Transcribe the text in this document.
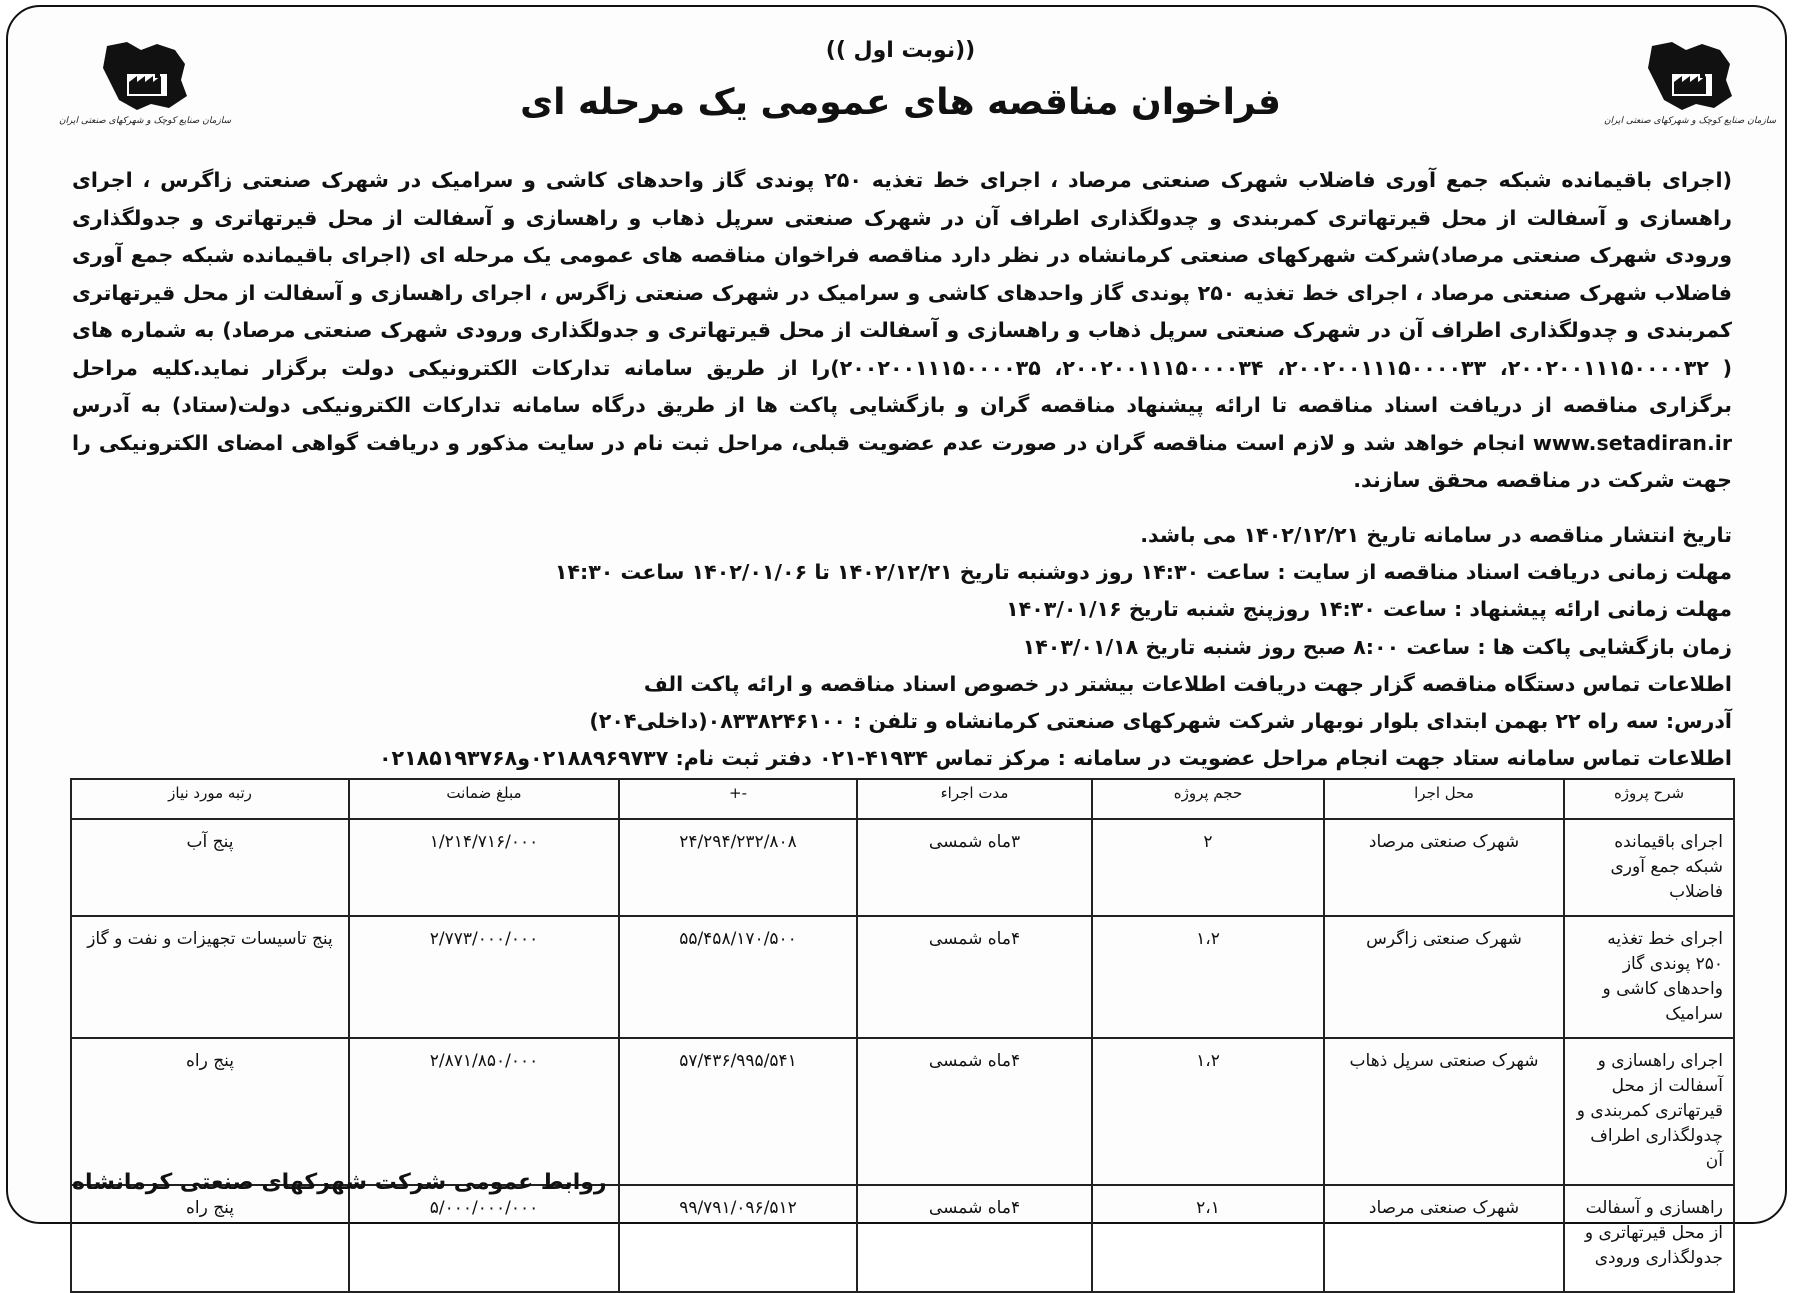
سازمان صنایع کوچک و شهرکهای صنعتی ایران	سازمان صنایع کوچک و شهرکهای صنعتی ایران
((نوبت اول ))
فراخوان مناقصه های عمومی یک مرحله ای
(اجرای باقیمانده شبکه جمع آوری فاضلاب شهرک صنعتی مرصاد ، اجرای خط تغذیه ۲۵۰ پوندی گاز واحدهای کاشی و سرامیک در شهرک صنعتی زاگرس ، اجرای راهسازی و آسفالت از محل قیرتهاتری کمربندی و چدولگذاری اطراف آن در شهرک صنعتی سرپل ذهاب و راهسازی و آسفالت از محل قیرتهاتری و جدولگذاری ورودی شهرک صنعتی مرصاد)شرکت شهرکهای صنعتی کرمانشاه در نظر دارد مناقصه فراخوان مناقصه های عمومی یک مرحله ای (اجرای باقیمانده شبکه جمع آوری فاضلاب شهرک صنعتی مرصاد ، اجرای خط تغذیه ۲۵۰ پوندی گاز واحدهای کاشی و سرامیک در شهرک صنعتی زاگرس ، اجرای راهسازی و آسفالت از محل قیرتهاتری کمربندی و چدولگذاری اطراف آن در شهرک صنعتی سرپل ذهاب و راهسازی و آسفالت از محل قیرتهاتری و جدولگذاری ورودی شهرک صنعتی مرصاد) به شماره های ( ۲۰۰۲۰۰۱۱۱۵۰۰۰۰۳۲، ۲۰۰۲۰۰۱۱۱۵۰۰۰۰۳۳، ۲۰۰۲۰۰۱۱۱۵۰۰۰۰۳۴، ۲۰۰۲۰۰۱۱۱۵۰۰۰۰۳۵)را از طریق سامانه تدارکات الکترونیکی دولت برگزار نماید.کلیه مراحل برگزاری مناقصه از دریافت اسناد مناقصه تا ارائه پیشنهاد مناقصه گران و بازگشایی پاکت ها از طریق درگاه سامانه تدارکات الکترونیکی دولت(ستاد) به آدرس www.setadiran.ir انجام خواهد شد و لازم است مناقصه گران در صورت عدم عضویت قبلی، مراحل ثبت نام در سایت مذکور و دریافت گواهی امضای الکترونیکی را جهت شرکت در مناقصه محقق سازند.
تاریخ انتشار مناقصه در سامانه تاریخ ۱۴۰۲/۱۲/۲۱ می باشد.
مهلت زمانی دریافت اسناد مناقصه از سایت : ساعت ۱۴:۳۰ روز دوشنبه تاریخ ۱۴۰۲/۱۲/۲۱ تا ۱۴۰۲/۰۱/۰۶ ساعت ۱۴:۳۰
مهلت زمانی ارائه پیشنهاد : ساعت ۱۴:۳۰ روزپنج شنبه تاریخ ۱۴۰۳/۰۱/۱۶
زمان بازگشایی پاکت ها : ساعت ۸:۰۰ صبح روز شنبه تاریخ ۱۴۰۳/۰۱/۱۸
اطلاعات تماس دستگاه مناقصه گزار جهت دریافت اطلاعات بیشتر در خصوص اسناد مناقصه و ارائه پاکت الف
آدرس: سه راه ۲۲ بهمن ابتدای بلوار نوبهار شرکت شهرکهای صنعتی کرمانشاه و تلفن : ۰۸۳۳۸۲۴۶۱۰۰(داخلی۲۰۴)
اطلاعات تماس سامانه ستاد جهت انجام مراحل عضویت در سامانه : مرکز تماس ۴۱۹۳۴-۰۲۱ دفتر ثبت نام: ۰۲۱۸۸۹۶۹۷۳۷و۰۲۱۸۵۱۹۳۷۶۸
شرح پروژه	محل اجرا	حجم پروژه	مدت اجراء	-+	مبلغ ضمانت	رتبه مورد نیاز
اجرای باقیمانده شبکه جمع آوری فاضلاب	شهرک صنعتی مرصاد	۲	۳ماه شمسی	۲۴/۲۹۴/۲۳۲/۸۰۸	۱/۲۱۴/۷۱۶/۰۰۰	پنج آب
اجرای خط تغذیه ۲۵۰ پوندی گاز واحدهای کاشی و سرامیک	شهرک صنعتی زاگرس	۱،۲	۴ماه شمسی	۵۵/۴۵۸/۱۷۰/۵۰۰	۲/۷۷۳/۰۰۰/۰۰۰	پنج تاسیسات تجهیزات و نفت و گاز
اجرای راهسازی و آسفالت از محل قیرتهاتری کمربندی و چدولگذاری اطراف آن	شهرک صنعتی سرپل ذهاب	۱،۲	۴ماه شمسی	۵۷/۴۳۶/۹۹۵/۵۴۱	۲/۸۷۱/۸۵۰/۰۰۰	پنج راه
راهسازی و آسفالت از محل قیرتهاتری و جدولگذاری ورودی	شهرک صنعتی مرصاد	۲،۱	۴ماه شمسی	۹۹/۷۹۱/۰۹۶/۵۱۲	۵/۰۰۰/۰۰۰/۰۰۰	پنج راه
روابط عمومی شرکت شهرکهای صنعتی کرمانشاه
